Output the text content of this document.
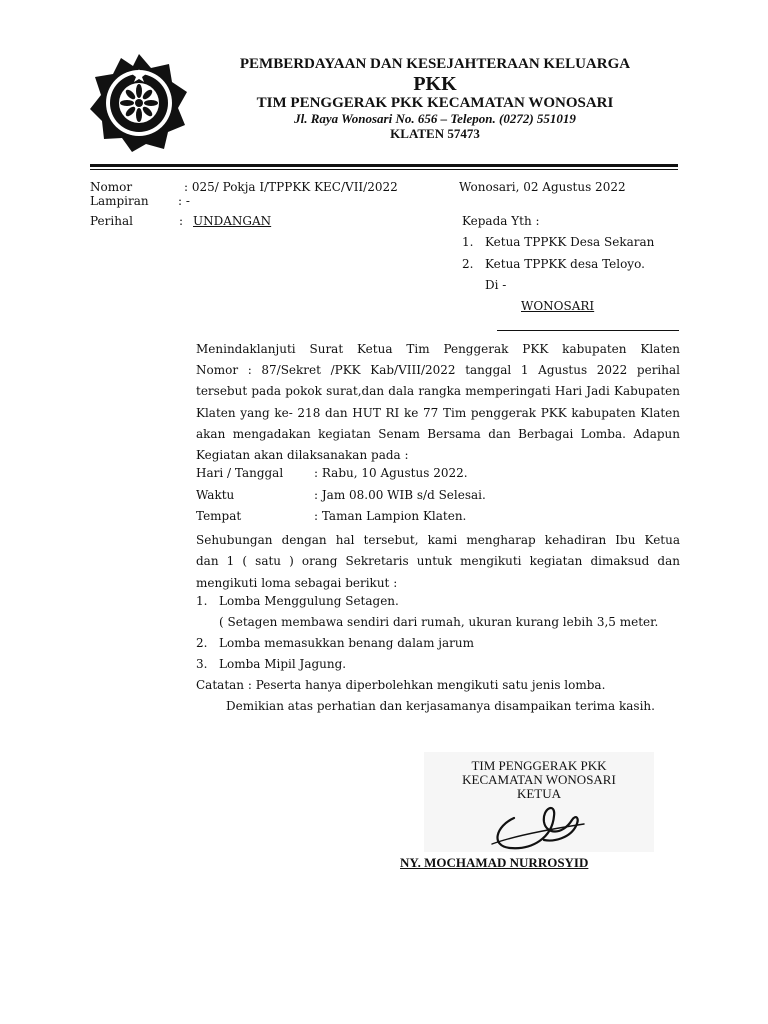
PEMBERDAYAAN DAN KESEJAHTERAAN KELUARGA
PKK
TIM PENGGERAK PKK KECAMATAN WONOSARI
Jl. Raya Wonosari No. 656 – Telepon. (0272) 551019
KLATEN 57473
Nomor	: 025/ Pokja I/TPPKK KEC/VII/2022	Wonosari, 02 Agustus 2022
Lampiran : -
Perihal	: UNDANGAN	Kepada Yth :
1. Ketua TPPKK Desa Sekaran
2. Ketua TPPKK desa Teloyo.
Di -
WONOSARI
Menindaklanjuti Surat Ketua Tim Penggerak PKK kabupaten Klaten
Nomor : 87/Sekret /PKK Kab/VIII/2022 tanggal 1 Agustus 2022 perihal
tersebut pada pokok surat,dan dala rangka memperingati Hari Jadi Kabupaten
Klaten yang ke- 218 dan HUT RI ke 77 Tim penggerak PKK kabupaten Klaten
akan mengadakan kegiatan Senam Bersama dan Berbagai Lomba. Adapun
Kegiatan akan dilaksanakan pada :
Hari / Tanggal	: Rabu, 10 Agustus 2022.
Waktu	: Jam 08.00 WIB s/d Selesai.
Tempat	: Taman Lampion Klaten.
Sehubungan dengan hal tersebut, kami mengharap kehadiran Ibu Ketua
dan 1 ( satu ) orang Sekretaris untuk mengikuti kegiatan dimaksud dan
mengikuti loma sebagai berikut :
1. Lomba Menggulung Setagen.
( Setagen membawa sendiri dari rumah, ukuran kurang lebih 3,5 meter.
2. Lomba memasukkan benang dalam jarum
3. Lomba Mipil Jagung.
Catatan : Peserta hanya diperbolehkan mengikuti satu jenis lomba.
Demikian atas perhatian dan kerjasamanya disampaikan terima kasih.
TIM PENGGERAK PKK
KECAMATAN WONOSARI
KETUA
NY. MOCHAMAD NURROSYID
